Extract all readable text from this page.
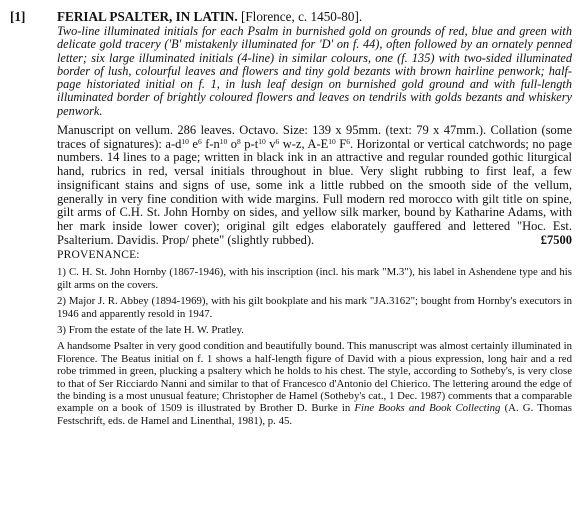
[1] FERIAL PSALTER, IN LATIN. [Florence, c. 1450-80].
Two-line illuminated initials for each Psalm in burnished gold on grounds of red, blue and green with delicate gold tracery ('B' mistakenly illuminated for 'D' on f. 44), often followed by an ornately penned letter; six large illuminated initials (4-line) in similar colours, one (f. 135) with two-sided illuminated border of lush, colourful leaves and flowers and tiny gold bezants with brown hairline penwork; half-page historiated initial on f. 1, in lush leaf design on burnished gold ground and with full-length illuminated border of brightly coloured flowers and leaves on tendrils with golds bezants and whiskery penwork.
Manuscript on vellum. 286 leaves. Octavo. Size: 139 x 95mm. (text: 79 x 47mm.). Collation (some traces of signatures): $a-d^{10}$ $e^6$ $f-n^{10}$ $o^8$ $p-t^{10}$ $v^6$ w-z, $A-E^{10}$ $F^6$. Horizontal or vertical catchwords; no page numbers. 14 lines to a page; written in black ink in an attractive and regular rounded gothic liturgical hand, rubrics in red, versal initials throughout in blue. Very slight rubbing to first leaf, a few insignificant stains and signs of use, some ink a little rubbed on the smooth side of the vellum, generally in very fine condition with wide margins. Full modern red morocco with gilt title on spine, gilt arms of C.H. St. John Hornby on sides, and yellow silk marker, bound by Katharine Adams, with her mark inside lower cover); original gilt edges elaborately gauffered and lettered "Hoc. Est. Psalterium. Davidis. Prop/ phete" (slightly rubbed).	£7500
PROVENANCE:

1) C. H. St. John Hornby (1867-1946), with his inscription (incl. his mark "M.3"), his label in Ashendene type and his gilt arms on the covers.

2) Major J. R. Abbey (1894-1969), with his gilt bookplate and his mark "JA.3162"; bought from Hornby's executors in 1946 and apparently resold in 1947.

3) From the estate of the late H. W. Pratley.

A handsome Psalter in very good condition and beautifully bound. This manuscript was almost certainly illuminated in Florence. The Beatus initial on f. 1 shows a half-length figure of David with a pious expression, long hair and a red robe trimmed in green, plucking a psaltery which he holds to his chest. The style, according to Sotheby's, is very close to that of Ser Ricciardo Nanni and similar to that of Francesco d'Antonio del Chierico. The lettering around the edge of the binding is a most unusual feature; Christopher de Hamel (Sotheby's cat., 1 Dec. 1987) comments that a comparable example on a book of 1509 is illustrated by Brother D. Burke in Fine Books and Book Collecting (A. G. Thomas Festschrift, eds. de Hamel and Linenthal, 1981), p. 45.
